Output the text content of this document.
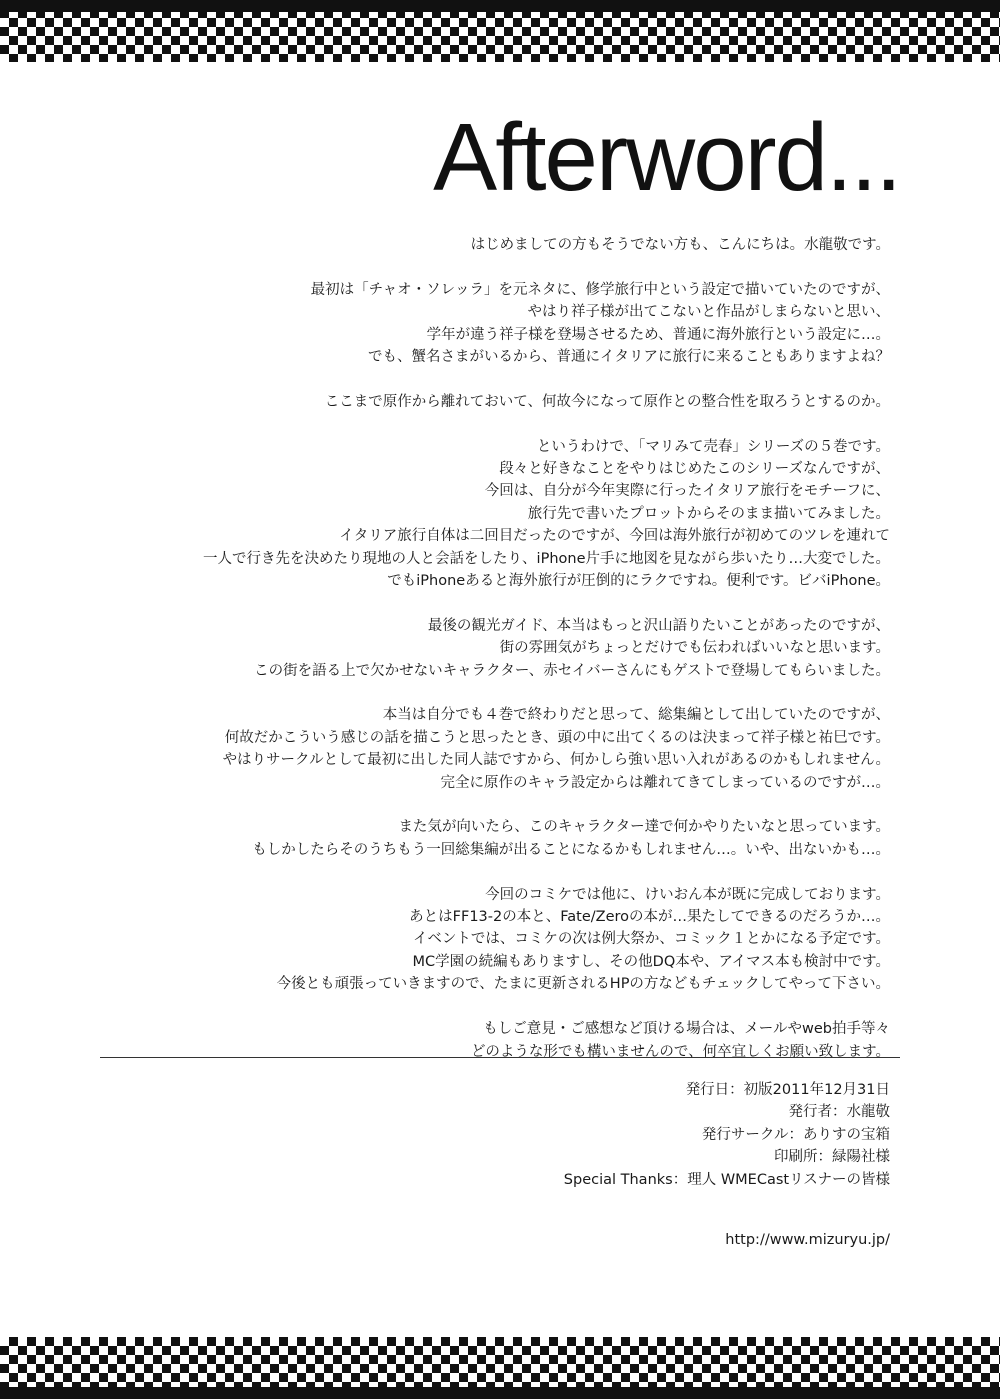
Afterword...

はじめましての方もそうでない方も、こんにちは。水龍敬です。

最初は「チャオ・ソレッラ」を元ネタに、修学旅行中という設定で描いていたのですが、
やはり祥子様が出てこないと作品がしまらないと思い、
学年が違う祥子様を登場させるため、普通に海外旅行という設定に…。
でも、蟹名さまがいるから、普通にイタリアに旅行に来ることもありますよね？

ここまで原作から離れておいて、何故今になって原作との整合性を取ろうとするのか。

というわけで、「マリみて売春」シリーズの５巻です。
段々と好きなことをやりはじめたこのシリーズなんですが、
今回は、自分が今年実際に行ったイタリア旅行をモチーフに、
旅行先で書いたプロットからそのまま描いてみました。
イタリア旅行自体は二回目だったのですが、今回は海外旅行が初めてのツレを連れて
一人で行き先を決めたり現地の人と会話をしたり、iPhone片手に地図を見ながら歩いたり…大変でした。
でもiPhoneあると海外旅行が圧倒的にラクですね。便利です。ビバiPhone。

最後の観光ガイド、本当はもっと沢山語りたいことがあったのですが、
街の雰囲気がちょっとだけでも伝わればいいなと思います。
この街を語る上で欠かせないキャラクター、赤セイバーさんにもゲストで登場してもらいました。

本当は自分でも４巻で終わりだと思って、総集編として出していたのですが、
何故だかこういう感じの話を描こうと思ったとき、頭の中に出てくるのは決まって祥子様と祐巳です。
やはりサークルとして最初に出した同人誌ですから、何かしら強い思い入れがあるのかもしれません。
完全に原作のキャラ設定からは離れてきてしまっているのですが…。

また気が向いたら、このキャラクター達で何かやりたいなと思っています。
もしかしたらそのうちもう一回総集編が出ることになるかもしれません…。いや、出ないかも…。

今回のコミケでは他に、けいおん本が既に完成しております。
あとはFF13-2の本と、Fate/Zeroの本が…果たしてできるのだろうか…。
イベントでは、コミケの次は例大祭か、コミック１とかになる予定です。
MC学園の続編もありますし、その他DQ本や、アイマス本も検討中です。
今後とも頑張っていきますので、たまに更新されるHPの方などもチェックしてやって下さい。

もしご意見・ご感想など頂ける場合は、メールやweb拍手等々
どのような形でも構いませんので、何卒宜しくお願い致します。

発行日：初版2011年12月31日
発行者：水龍敬
発行サークル：ありすの宝箱
印刷所：緑陽社様
Special Thanks：理人 WMECastリスナーの皆様
http://www.mizuryu.jp/
